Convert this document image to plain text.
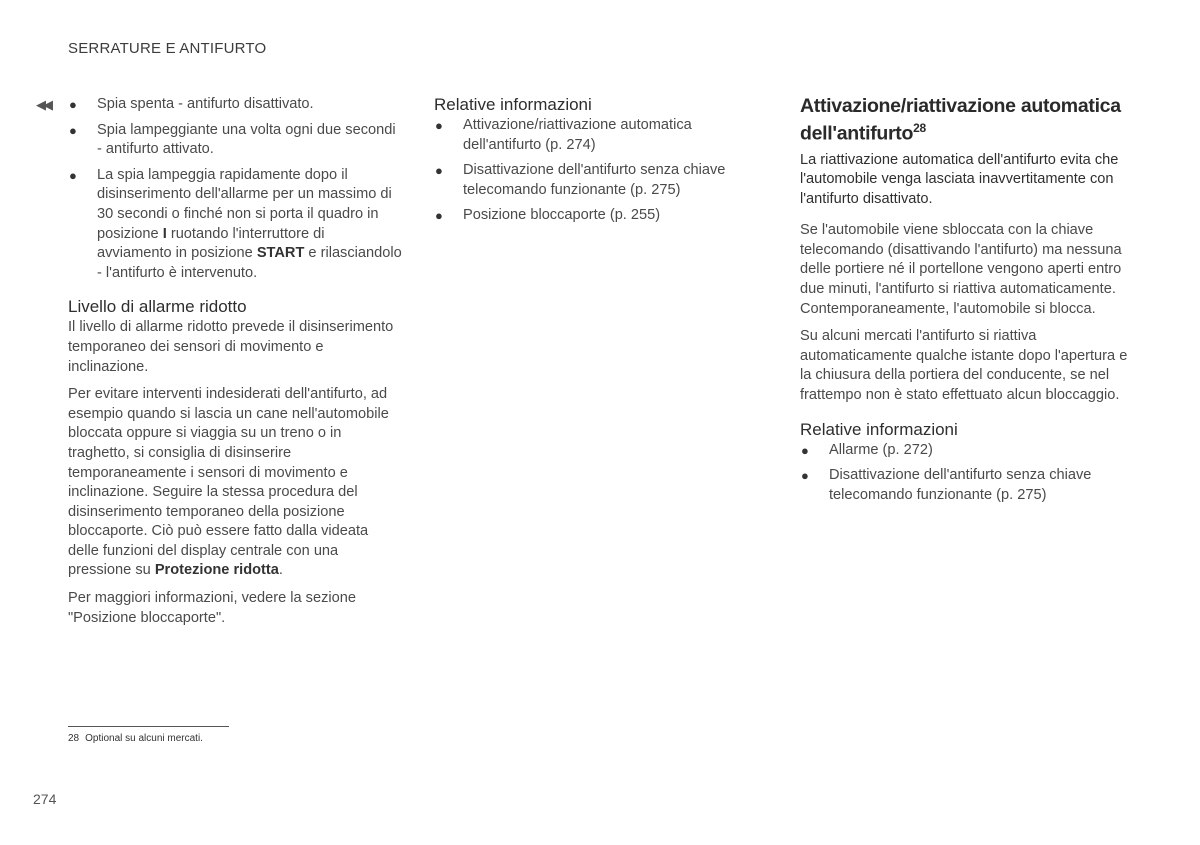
SERRATURE E ANTIFURTO
◀◀ ● Spia spenta - antifurto disattivato.
● Spia lampeggiante una volta ogni due secondi - antifurto attivato.
● La spia lampeggia rapidamente dopo il disinserimento dell'allarme per un massimo di 30 secondi o finché non si porta il quadro in posizione I ruotando l'interruttore di avviamento in posizione START e rilasciandolo - l'antifurto è intervenuto.
Livello di allarme ridotto

Il livello di allarme ridotto prevede il disinserimento temporaneo dei sensori di movimento e inclinazione.

Per evitare interventi indesiderati dell'antifurto, ad esempio quando si lascia un cane nell'automobile bloccata oppure si viaggia su un treno o in traghetto, si consiglia di disinserire temporaneamente i sensori di movimento e inclinazione. Seguire la stessa procedura del disinserimento temporaneo della posizione bloccaporte. Ciò può essere fatto dalla videata delle funzioni del display centrale con una pressione su Protezione ridotta.

Per maggiori informazioni, vedere la sezione "Posizione bloccaporte".

Relative informazioni
● Attivazione/riattivazione automatica dell'antifurto (p. 274)
● Disattivazione dell'antifurto senza chiave telecomando funzionante (p. 275)
● Posizione bloccaporte (p. 255)
Attivazione/riattivazione automatica dell'antifurto$^{28}$

La riattivazione automatica dell'antifurto evita che l'automobile venga lasciata inavvertitamente con l'antifurto disattivato.

Se l'automobile viene sbloccata con la chiave telecomando (disattivando l'antifurto) ma nessuna delle portiere né il portellone vengono aperti entro due minuti, l'antifurto si riattiva automaticamente. Contemporaneamente, l'automobile si blocca.

Su alcuni mercati l'antifurto si riattiva automaticamente qualche istante dopo l'apertura e la chiusura della portiera del conducente, se nel frattempo non è stato effettuato alcun bloccaggio.

Relative informazioni
● Allarme (p. 272)
● Disattivazione dell'antifurto senza chiave telecomando funzionante (p. 275)
28 Optional su alcuni mercati.
274
